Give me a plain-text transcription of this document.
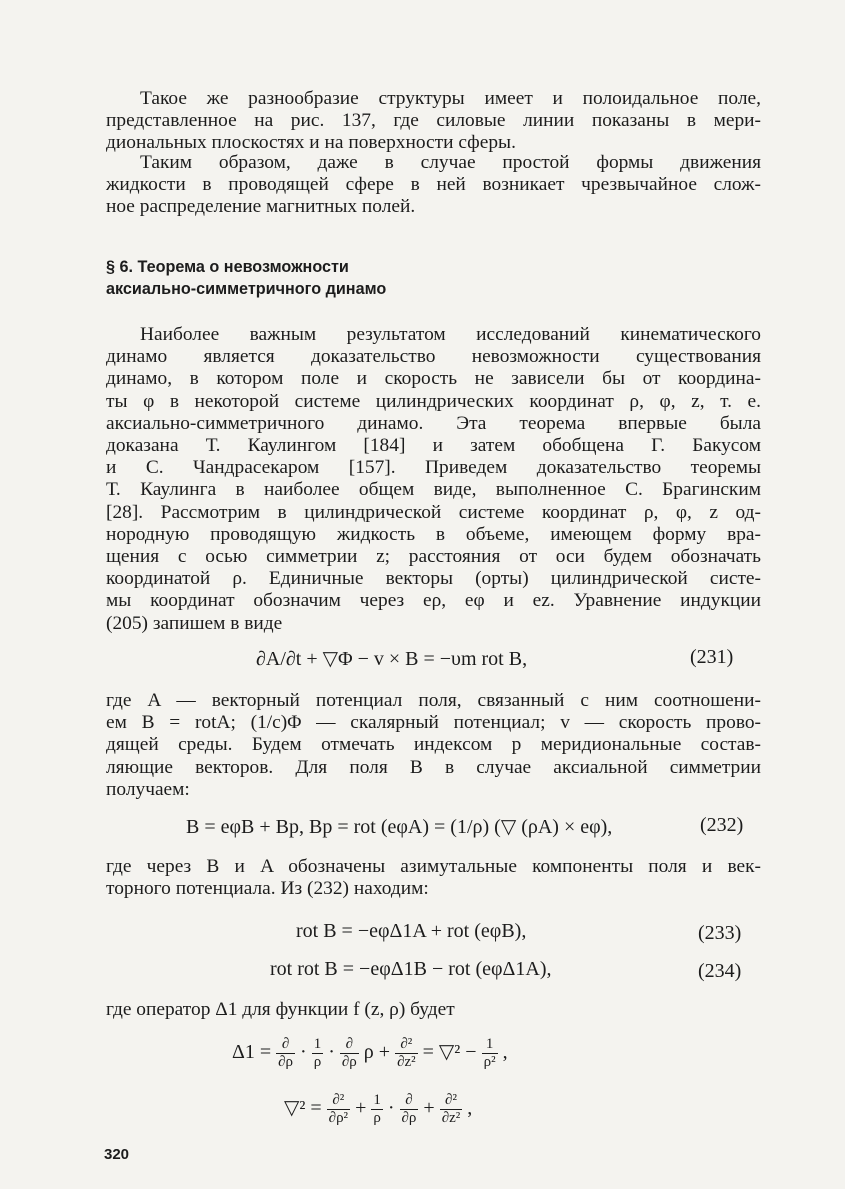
Такое же разнообразие структуры имеет и полоидальное поле,
представленное на рис. 137, где силовые линии показаны в мери-
диональных плоскостях и на поверхности сферы.

Таким образом, даже в случае простой формы движения
жидкости в проводящей сфере в ней возникает чрезвычайное слож-
ное распределение магнитных полей.

§ 6. Теорема о невозможности
аксиально-симметричного динамо

Наиболее важным результатом исследований кинематического
динамо является доказательство невозможности существования
динамо, в котором поле и скорость не зависели бы от координа-
ты φ в некоторой системе цилиндрических координат ρ, φ, z, т. е.
аксиально-симметричного динамо. Эта теорема впервые была
доказана Т. Каулингом [184] и затем обобщена Г. Бакусом
и С. Чандрасекаром [157]. Приведем доказательство теоремы
Т. Каулинга в наиболее общем виде, выполненное С. Брагинским
[28]. Рассмотрим в цилиндрической системе координат ρ, φ, z од-
нородную проводящую жидкость в объеме, имеющем форму вра-
щения с осью симметрии z; расстояния от оси будем обозначать
координатой ρ. Единичные векторы (орты) цилиндрической систе-
мы координат обозначим через eρ, eφ и ez. Уравнение индукции
(205) запишем в виде

∂A/∂t + ▽Φ − v × B = −υm rot B,	(231)

где A — векторный потенциал поля, связанный с ним соотношени-
ем B = rotA; (1/c)Φ — скалярный потенциал; v — скорость прово-
дящей среды. Будем отмечать индексом p меридиональные состав-
ляющие векторов. Для поля B в случае аксиальной симметрии
получаем:

B = eφB + Bp, Bp = rot (eφA) = (1/ρ) (▽ (ρA) × eφ),	(232)

где через B и A обозначены азимутальные компоненты поля и век-
торного потенциала. Из (232) находим:

rot B = −eφΔ1A + rot (eφB),	(233)
rot rot B = −eφΔ1B − rot (eφΔ1A),	(234)

где оператор Δ1 для функции f (z, ρ) будет

$\Delta 1 = \frac{\partial}{\partial\rho} \cdot \frac{1}{\rho} \cdot \frac{\partial}{\partial\rho}$ $\rho + \frac{\text{∂²}}{\text{∂z²}}$ = ▽² − $\frac{1}{\text{ρ²}}$ ,
▽² = $\frac{\text{∂²}}{\text{∂ρ²}} + \frac{1}{\rho} \cdot \frac{\partial}{\partial\rho} + \frac{\text{∂²}}{\text{∂z²}}$ ,
320
